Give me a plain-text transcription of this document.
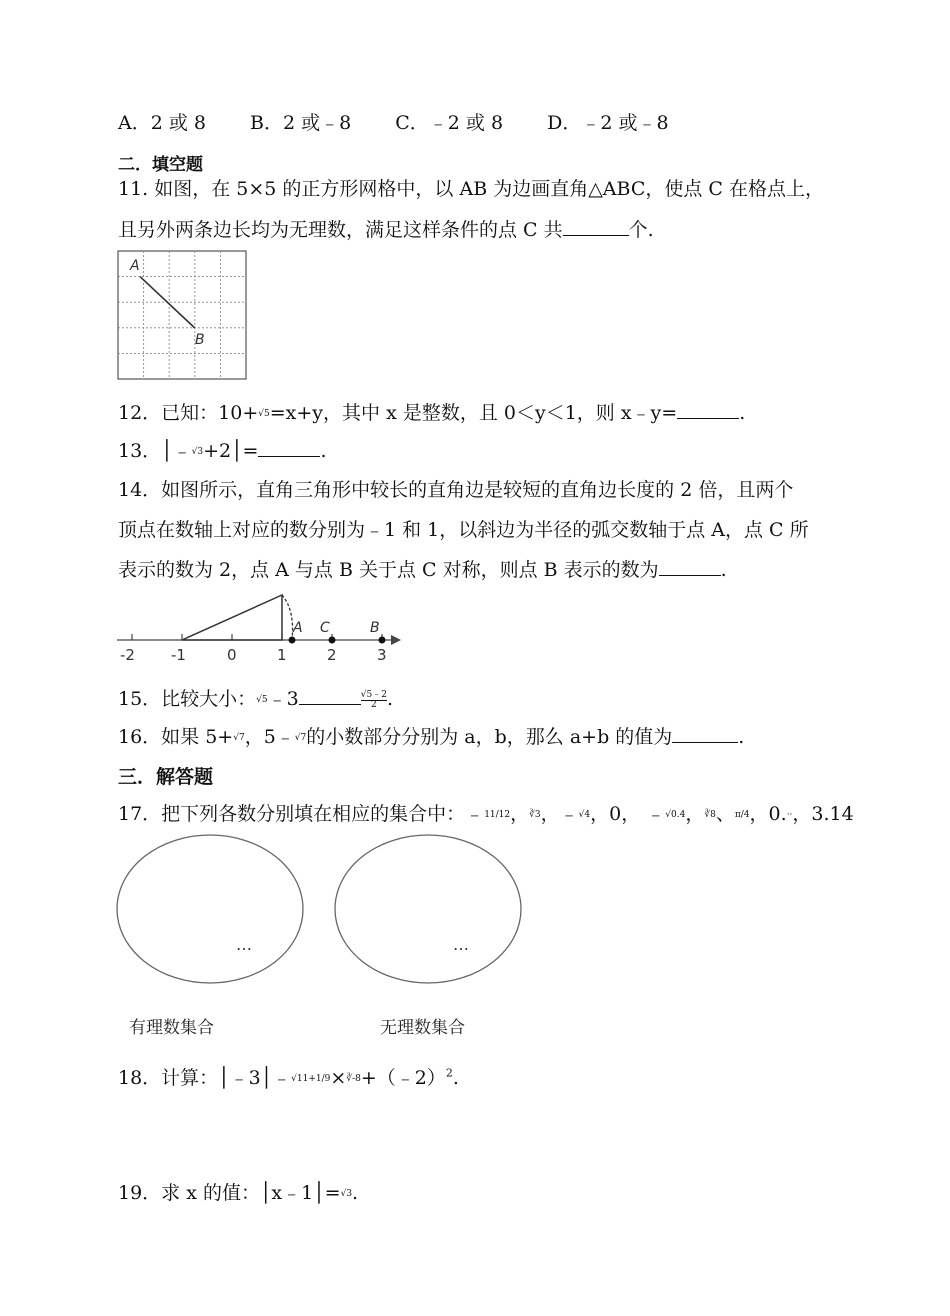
A．2 或 8 B．2 或﹣8 C．﹣2 或 8 D．﹣2 或﹣8
二．填空题
11. 如图，在 5×5 的正方形网格中，以 AB 为边画直角△ABC，使点 C 在格点上，
且另外两条边长均为无理数，满足这样条件的点 C 共	个.
A
B
12．已知：10+√5=x+y，其中 x 是整数，且 0＜y＜1，则 x﹣y=	.
13．│﹣√3+2│=	.
14．如图所示，直角三角形中较长的直角边是较短的直角边长度的 2 倍，且两个
顶点在数轴上对应的数分别为﹣1 和 1，以斜边为半径的弧交数轴于点 A，点 C 所
表示的数为 2，点 A 与点 B 关于点 C 对称，则点 B 表示的数为	.
-2 -1	0	1	2	3
A C	B
15．比较大小：√5﹣3	$\frac{√5﹣2}{2}$ .
16．如果 5+√7，5﹣√7的小数部分分别为 a，b，那么 a+b 的值为	.
三．解答题
17．把下列各数分别填在相应的集合中：﹣11/12，∛3，﹣√4，0， ﹣√0.4，∛8、π/4，0.··，3.14
…	…
有理数集合	无理数集合
18．计算：│﹣3│﹣√11+1/9×∛-8+（﹣2）$^2$.
19．求 x 的值：│x﹣1│=√3.
